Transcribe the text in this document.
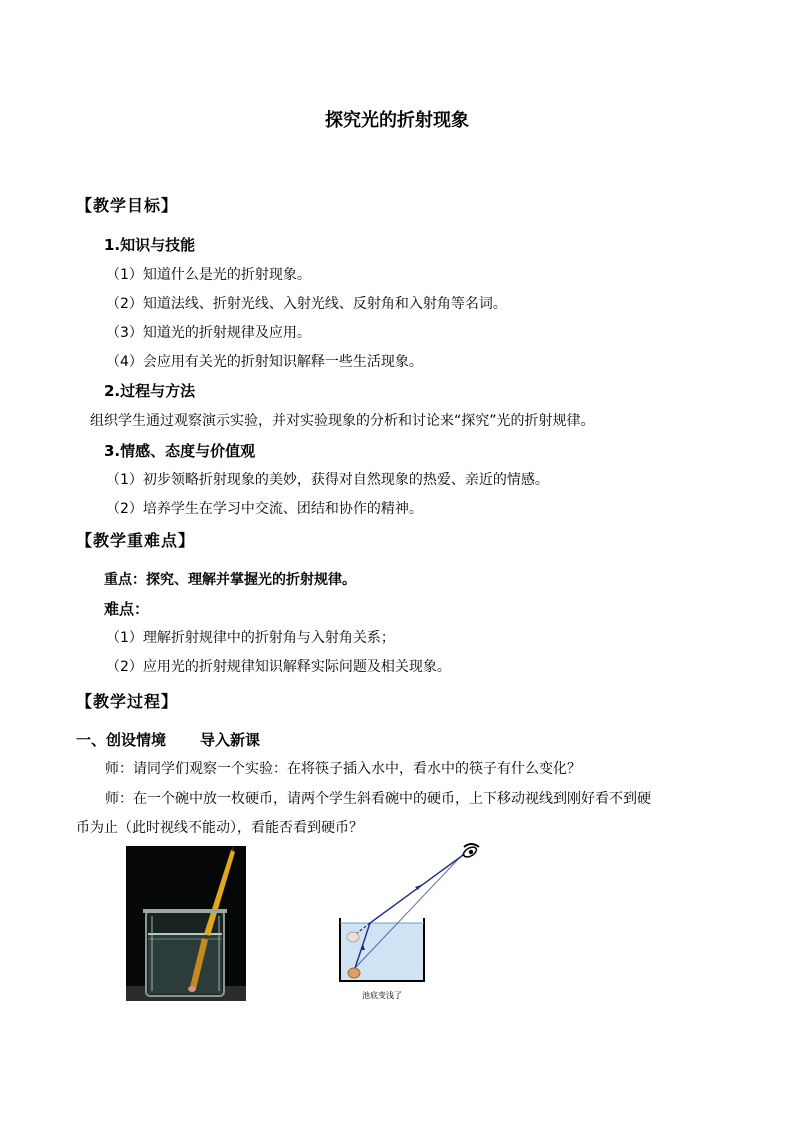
探究光的折射现象
【教学目标】
1.知识与技能
（1）知道什么是光的折射现象。
（2）知道法线、折射光线、入射光线、反射角和入射角等名词。
（3）知道光的折射规律及应用。
（4）会应用有关光的折射知识解释一些生活现象。
2.过程与方法
组织学生通过观察演示实验，并对实验现象的分析和讨论来“探究”光的折射规律。
3.情感、态度与价值观
（1）初步领略折射现象的美妙，获得对自然现象的热爱、亲近的情感。
（2）培养学生在学习中交流、团结和协作的精神。
【教学重难点】
重点：探究、理解并掌握光的折射规律。
难点：
（1）理解折射规律中的折射角与入射角关系；
（2）应用光的折射规律知识解释实际问题及相关现象。
【教学过程】
一、创设情境 导入新课
师：请同学们观察一个实验：在将筷子插入水中，看水中的筷子有什么变化？
师：在一个碗中放一枚硬币，请两个学生斜看碗中的硬币，上下移动视线到刚好看不到硬
币为止（此时视线不能动），看能否看到硬币？
池底变浅了
